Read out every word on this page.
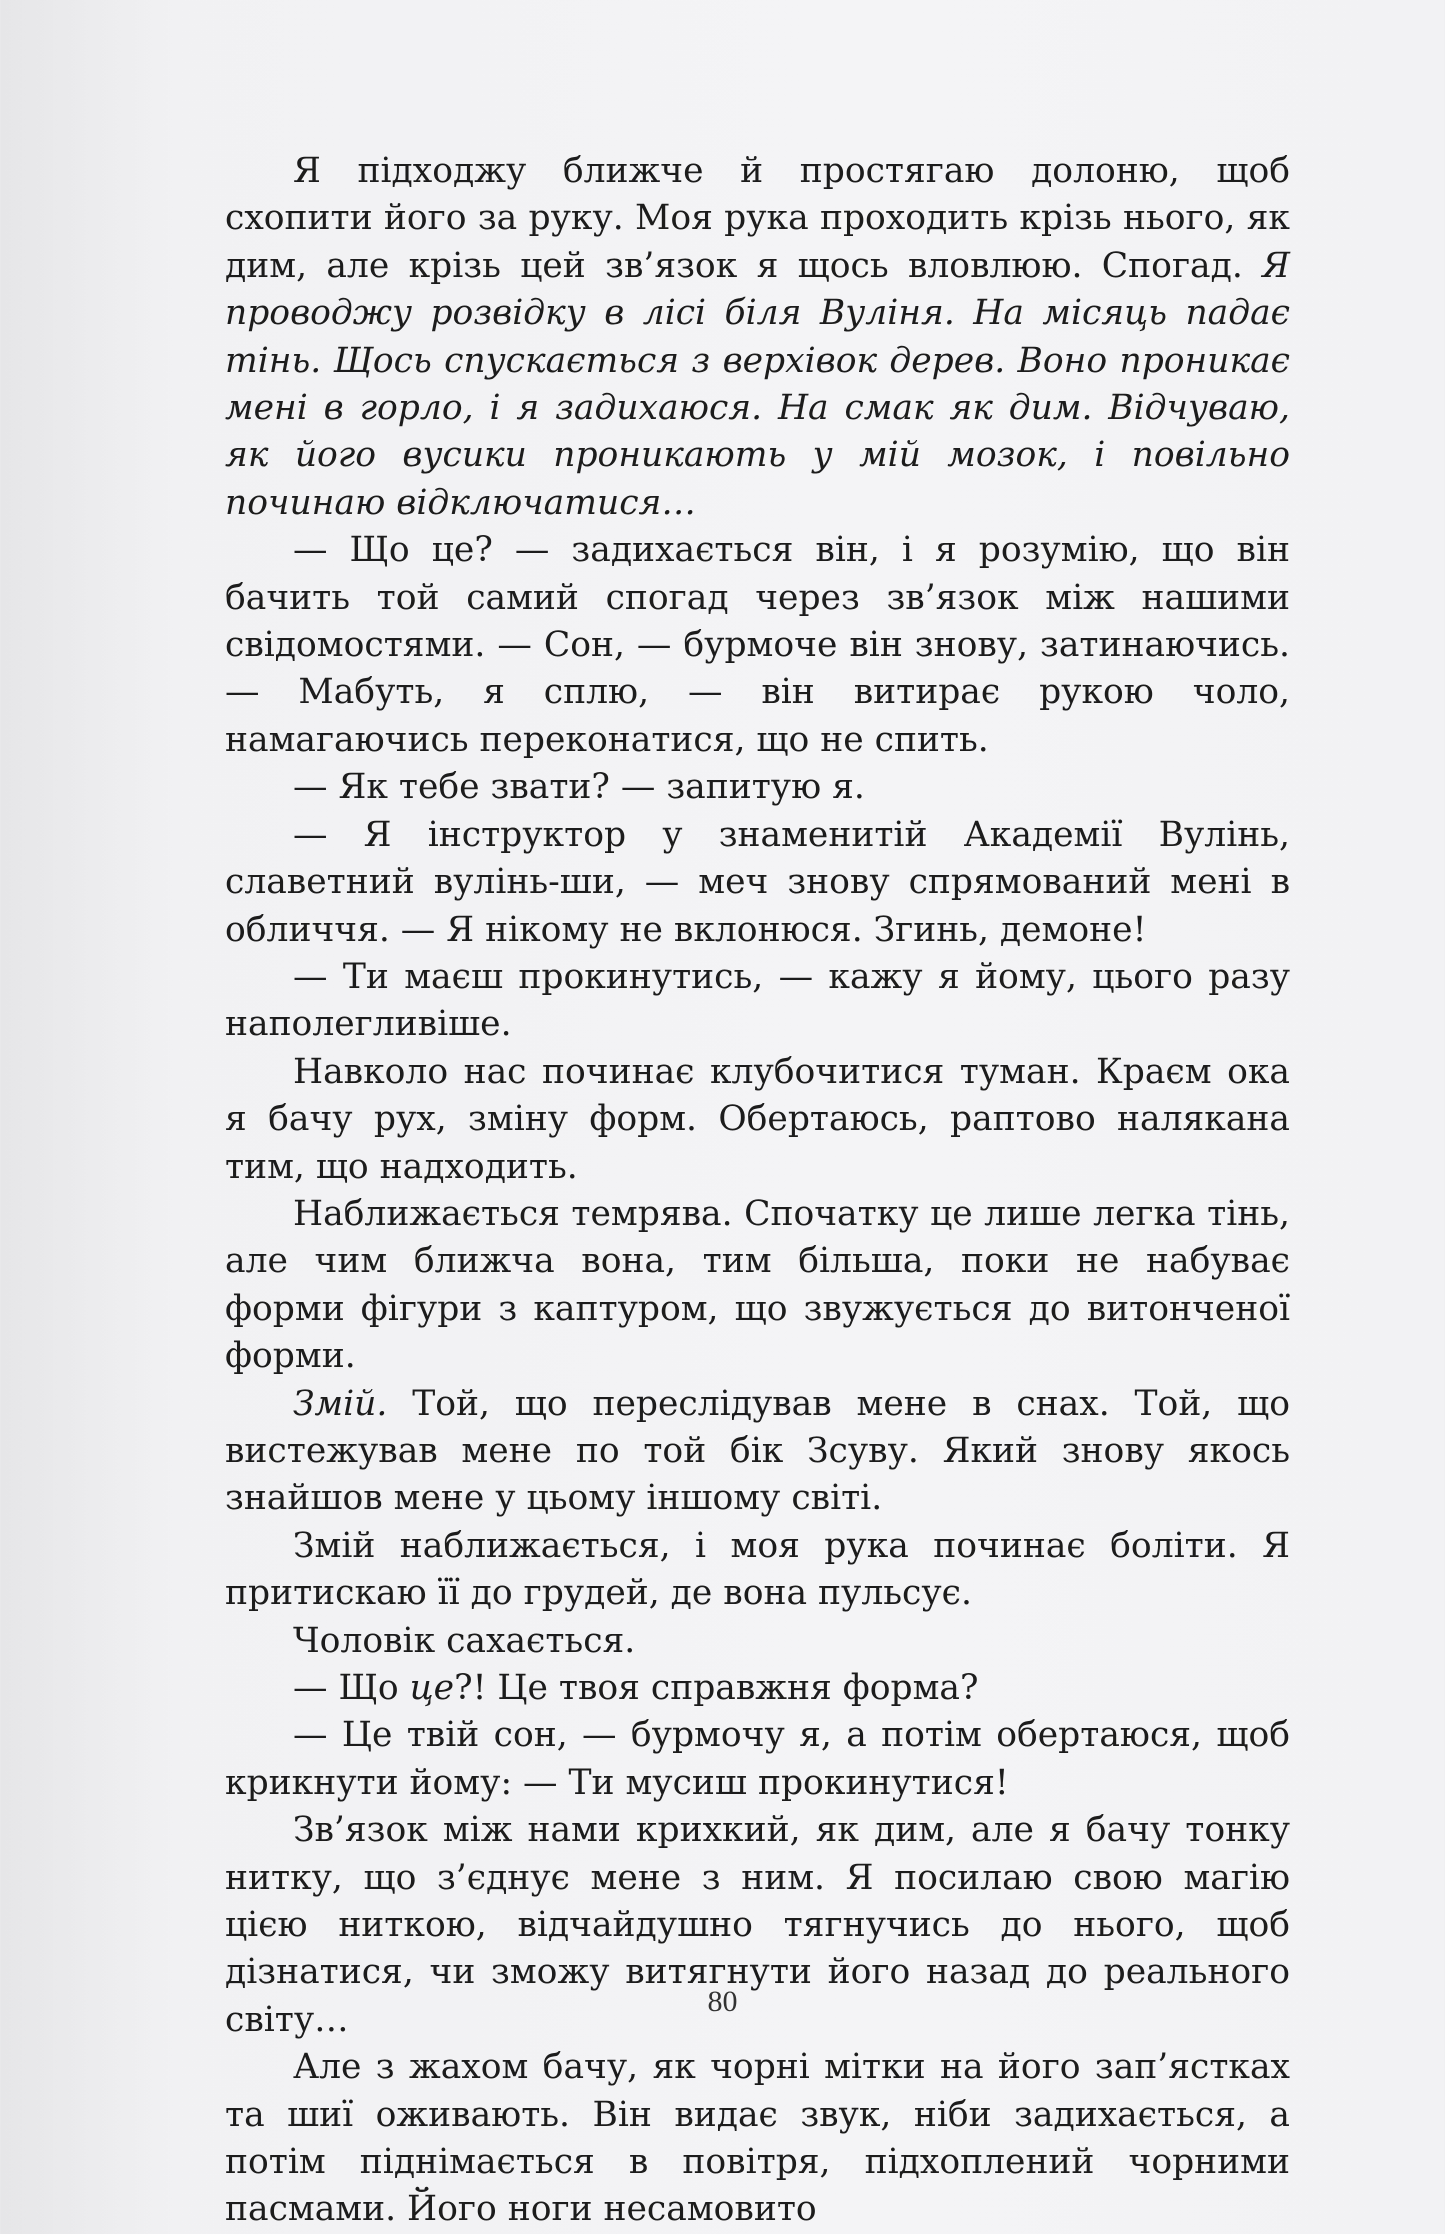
Я підходжу ближче й простягаю долоню, щоб схопити його за руку. Моя рука проходить крізь нього, як дим, але крізь цей зв’язок я щось вловлюю. Спогад. Я проводжу розвідку в лісі біля Вуліня. На місяць падає тінь. Щось спускається з верхівок дерев. Воно проникає мені в горло, і я задихаюся. На смак як дим. Відчуваю, як його вусики проникають у мій мозок, і повільно починаю відключатися…

— Що це? — задихається він, і я розумію, що він бачить той самий спогад через зв’язок між нашими свідомостями. — Сон, — бурмоче він знову, затинаючись. — Мабуть, я сплю, — він витирає рукою чоло, намагаючись переконатися, що не спить.

— Як тебе звати? — запитую я.

— Я інструктор у знаменитій Академії Вулінь, славетний вулінь-ши, — меч знову спрямований мені в обличчя. — Я нікому не вклонюся. Згинь, демоне!

— Ти маєш прокинутись, — кажу я йому, цього разу наполегливіше.

Навколо нас починає клубочитися туман. Краєм ока я бачу рух, зміну форм. Обертаюсь, раптово налякана тим, що надходить.

Наближається темрява. Спочатку це лише легка тінь, але чим ближча вона, тим більша, поки не набуває форми фігури з каптуром, що звужується до витонченої форми.

Змій. Той, що переслідував мене в снах. Той, що вистежував мене по той бік Зсуву. Який знову якось знайшов мене у цьому іншому світі.

Змій наближається, і моя рука починає боліти. Я притискаю її до грудей, де вона пульсує.

Чоловік сахається.

— Що це?! Це твоя справжня форма?

— Це твій сон, — бурмочу я, а потім обертаюся, щоб крикнути йому: — Ти мусиш прокинутися!

Зв’язок між нами крихкий, як дим, але я бачу тонку нитку, що з’єднує мене з ним. Я посилаю свою магію цією ниткою, відчайдушно тягнучись до нього, щоб дізнатися, чи зможу витягнути його назад до реального світу…

Але з жахом бачу, як чорні мітки на його зап’ястках та шиї оживають. Він видає звук, ніби задихається, а потім піднімається в повітря, підхоплений чорними пасмами. Його ноги несамовито

80
